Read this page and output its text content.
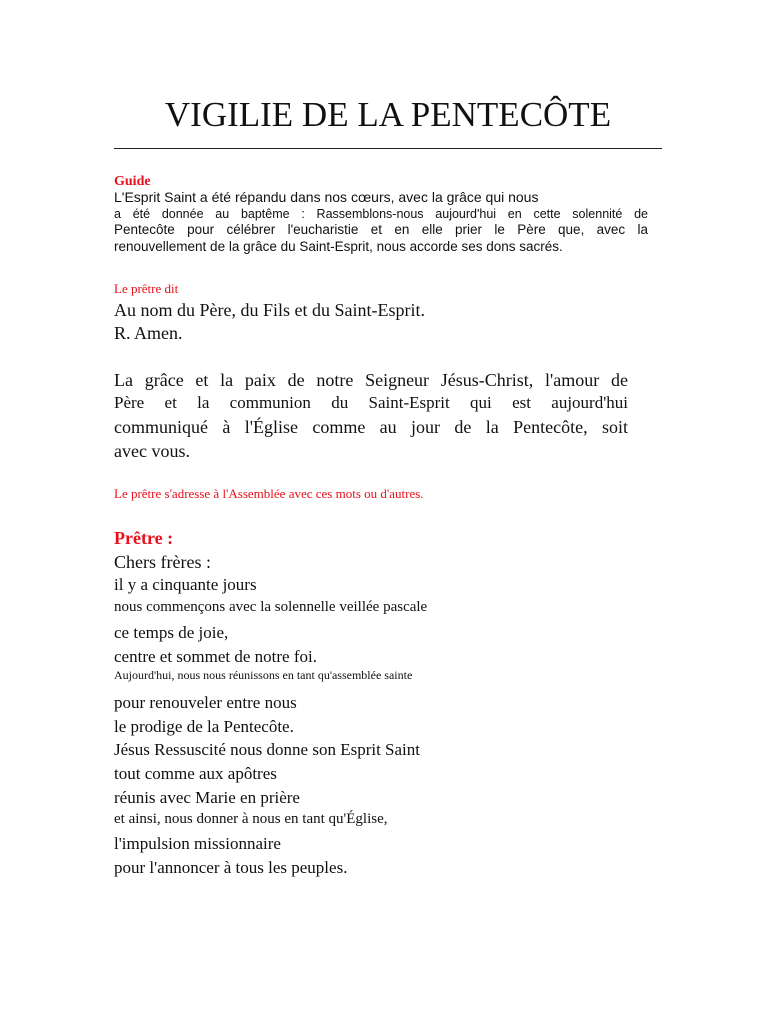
VIGILIE DE LA PENTECÔTE
Guide
L'Esprit Saint a été répandu dans nos cœurs, avec la grâce qui nous
a été donnée au baptême : Rassemblons-nous aujourd'hui en cette solennité de
Pentecôte pour célébrer l'eucharistie et en elle prier le Père que, avec la
renouvellement de la grâce du Saint-Esprit, nous accorde ses dons sacrés.
Le prêtre dit
Au nom du Père, du Fils et du Saint-Esprit.
R. Amen.
La grâce et la paix de notre Seigneur Jésus-Christ, l'amour de
Père et la communion du Saint-Esprit qui est aujourd'hui
communiqué à l'Église comme au jour de la Pentecôte, soit
avec vous.
Le prêtre s'adresse à l'Assemblée avec ces mots ou d'autres.
Prêtre :
Chers frères :
il y a cinquante jours
nous commençons avec la solennelle veillée pascale
ce temps de joie,
centre et sommet de notre foi.
Aujourd'hui, nous nous réunissons en tant qu'assemblée sainte
pour renouveler entre nous
le prodige de la Pentecôte.
Jésus Ressuscité nous donne son Esprit Saint
tout comme aux apôtres
réunis avec Marie en prière
et ainsi, nous donner à nous en tant qu'Église,
l'impulsion missionnaire
pour l'annoncer à tous les peuples.
